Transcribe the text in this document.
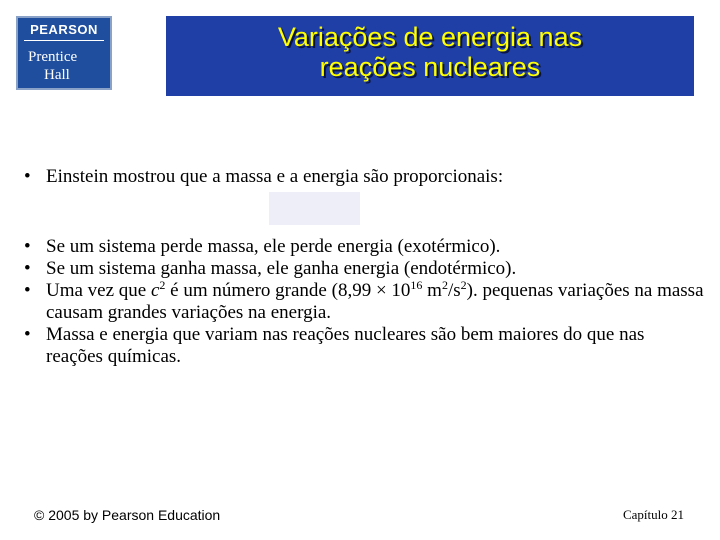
PEARSON
Prentice
Hall
Variações de energia nas
reações nucleares
• Einstein mostrou que a massa e a energia são proporcionais:
• Se um sistema perde massa, ele perde energia (exotérmico).
• Se um sistema ganha massa, ele ganha energia (endotérmico).
• Uma vez que $c^2$ é um número grande ($8,99 \times 10^{16}$ $m^2/s^2$). pequenas variações na massa causam grandes variações na energia.
• Massa e energia que variam nas reações nucleares são bem maiores do que nas reações químicas.
© 2005 by Pearson Education	Capítulo 21
